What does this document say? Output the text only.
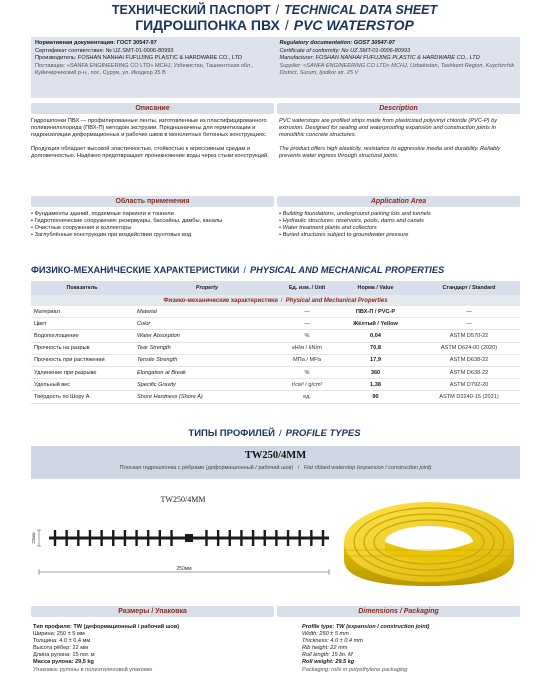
ТЕХНИЧЕСКИЙ ПАСПОРТ / TECHNICAL DATA SHEET
ГИДРОШПОНКА ПВХ / PVC WATERSTOP
Нормативная документация: ГОСТ 30547-97
Сертификат соответствия: № UZ.SMT-01-0006-80993
Производитель: FOSHAN NANHAI FUFUJING PLASTIC & HARDWARE CO., LTD
Поставщик: «SANFA ENGINEERING CO LTD» MCHJ, Узбекистан, Ташкентская обл., Куйичирчикский р-н., пос. Сурум, ул. Икодкор 25 В
Regulatory documentation: GOST 30547-97
Certificate of conformity: No UZ.SMT-01-0006-80993
Manufacturer: FOSHAN NANHAI FUFUJING PLASTIC & HARDWARE CO., LTD
Supplier: «SANFA ENGINEERING CO LTD» MCHJ, Uzbekistan, Tashkent Region, Kuychirchik District, Surum, Ijodkor str. 25 V
Описание	Description

Гидрошпонки ПВХ — профилированные ленты, изготовленные из пластифицированного поливинилхлорида (ПВХ-П) методом экструзии. Предназначены для герметизации и гидроизоляции деформационных и рабочих швов в монолитных бетонных конструкциях.

Продукция обладает высокой эластичностью, стойкостью к агрессивным средам и долговечностью. Надёжно предотвращает проникновение воды через стыки конструкций.

PVC waterstops are profiled strips made from plasticized polyvinyl chloride (PVC-P) by extrusion. Designed for sealing and waterproofing expansion and construction joints in monolithic concrete structures.

The product offers high elasticity, resistance to aggressive media and durability. Reliably prevents water ingress through structural joints.

Область применения	Application Area
• Фундаменты зданий, подземные паркинги и тоннели
• Гидротехнические сооружения: резервуары, бассейны, дамбы, каналы
• Очистные сооружения и коллекторы
• Заглублённые конструкции при воздействии грунтовых вод
• Building foundations, underground parking lots and tunnels
• Hydraulic structures: reservoirs, pools, dams and canals
• Water treatment plants and collectors
• Buried structures subject to groundwater pressure
ФИЗИКО-МЕХАНИЧЕСКИЕ ХАРАКТЕРИСТИКИ / PHYSICAL AND MECHANICAL PROPERTIES
Показатель	Property	Ед. изм. / Unit	Норма / Value	Стандарт / Standard
Физико-механические характеристики / Physical and Mechanical Properties
Материал	Material	—	ПВХ-П / PVC-P	—
Цвет	Color	—	Жёлтый / Yellow	—
Водопоглощение	Water Absorption	%	0,04	ASTM D570-22
Прочность на разрыв	Tear Strength	кН/м / kN/m	70,8	ASTM D624-00 (2020)
Прочность при растяжении	Tensile Strength	МПа / MPa	17,9	ASTM D638-22
Удлинение при разрыве	Elongation at Break	%	360	ASTM D638-22
Удельный вес	Specific Gravity	г/см³ / g/cm³	1,38	ASTM D792-20
Твёрдость по Шору А	Shore Hardness (Shore A)	ед.	90	ASTM D2240-15 (2021)
ТИПЫ ПРОФИЛЕЙ / PROFILE TYPES
TW250/4MM
Плоская гидрошпонка с рёбрами (деформационный / рабочий шов) / Flat ribbed waterstop (expansion / construction joint)
TW250/4MM
22мм
250мм
Размеры / Упаковка	Dimensions / Packaging
Тип профиля: TW (деформационный / рабочий шов)
Ширина: 250 ± 5 мм
Толщина: 4.0 ± 0.4 мм
Высота рёбер: 22 мм
Длина рулона: 15 пог. м
Масса рулона: 29,5 kg
Упаковка: рулоны в полиэтиленовой упаковке
Profile type: TW (expansion / construction joint)
Width: 250 ± 5 mm
Thickness: 4.0 ± 0.4 mm
Rib height: 22 mm
Roll length: 15 lin. M
Roll weight: 29.5 kg
Packaging: rolls in polyethylene packaging
